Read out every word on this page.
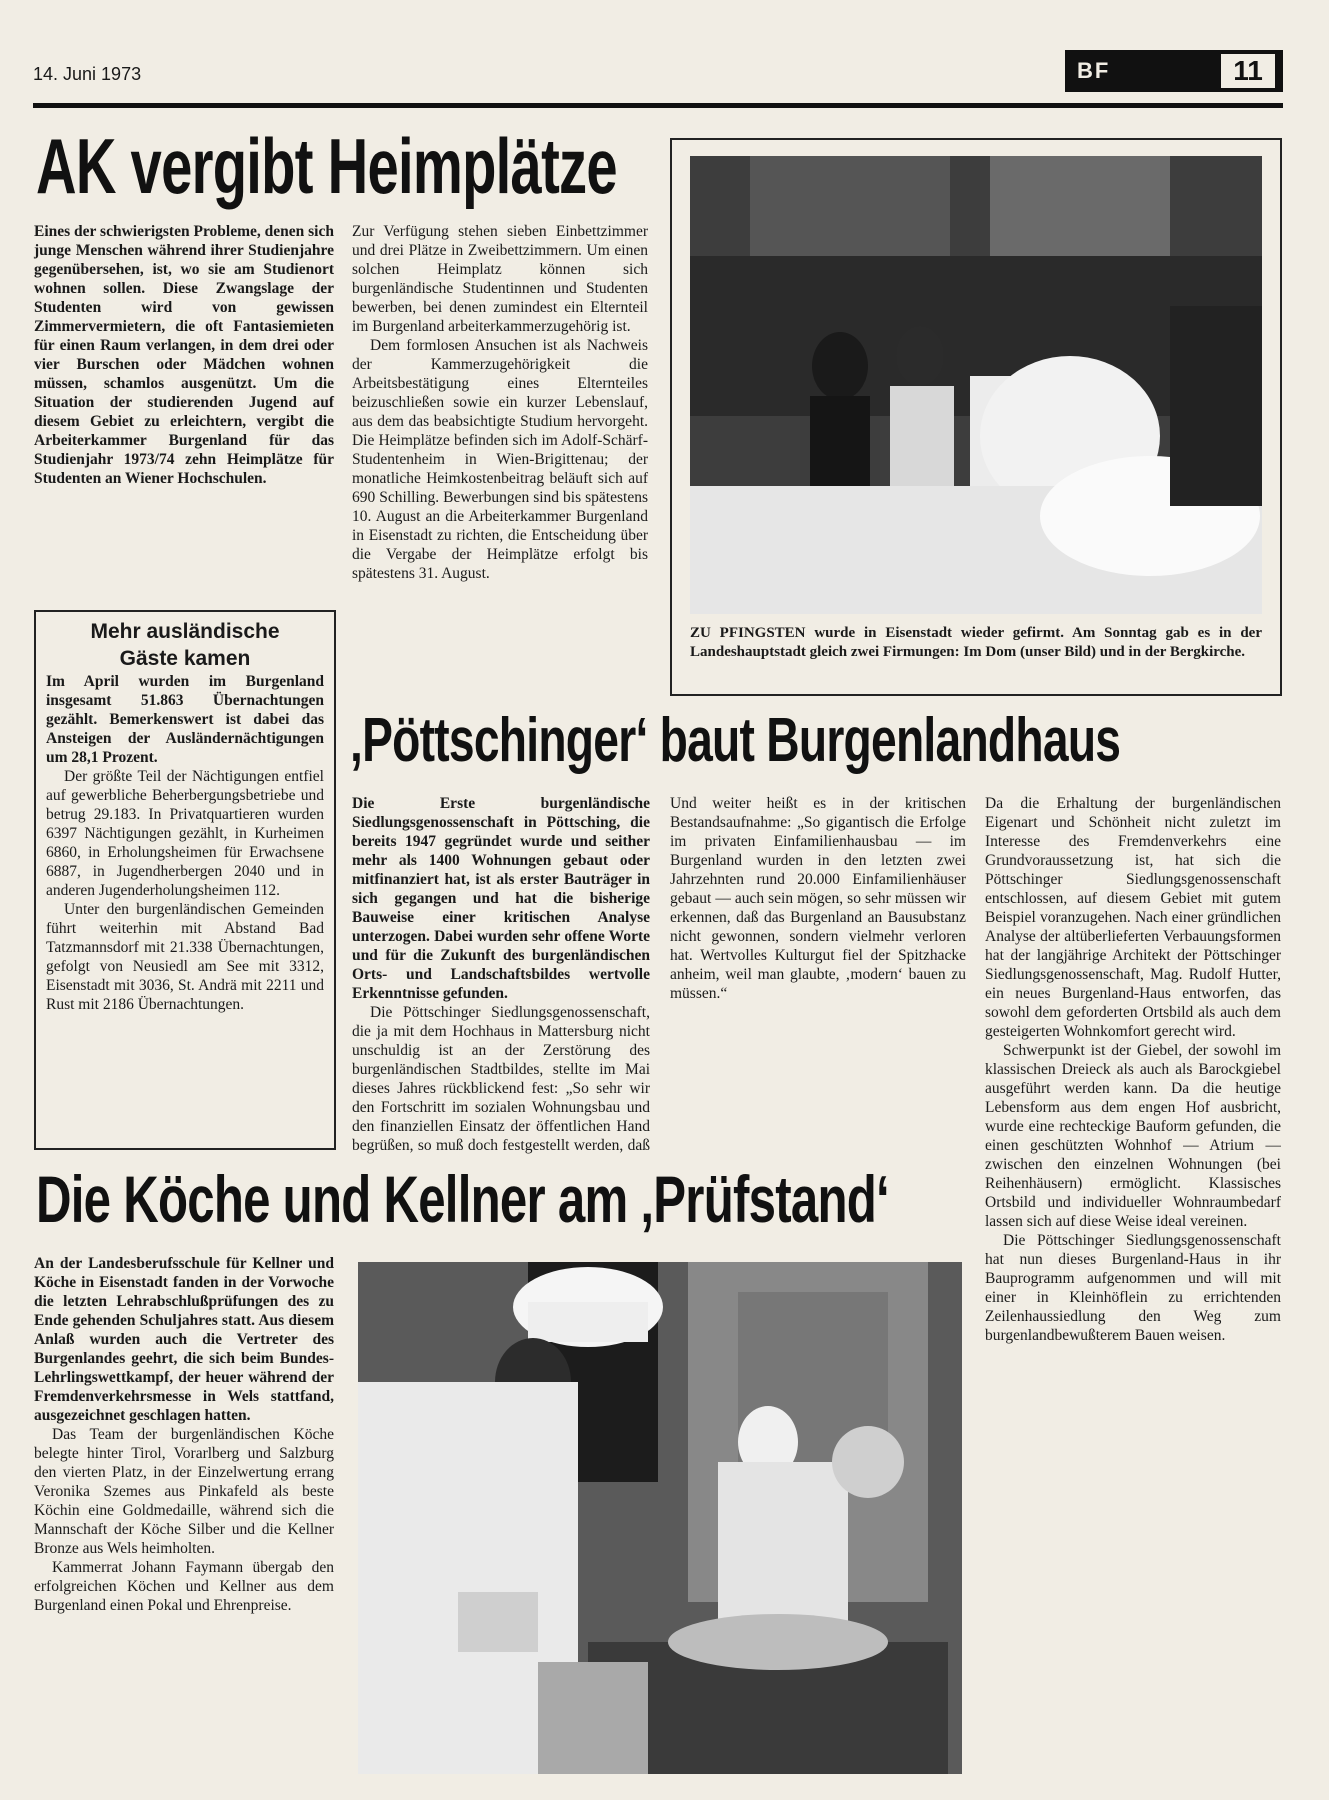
14. Juni 1973	BF	11
AK vergibt Heimplätze

Eines der schwierigsten Probleme, denen sich junge Menschen während ihrer Studienjahre gegenübersehen, ist, wo sie am Studienort wohnen sollen. Diese Zwangslage der Studenten wird von gewissen Zimmervermietern, die oft Fantasiemieten für einen Raum verlangen, in dem drei oder vier Burschen oder Mädchen wohnen müssen, schamlos ausgenützt. Um die Situation der studierenden Jugend auf diesem Gebiet zu erleichtern, vergibt die Arbeiterkammer Burgenland für das Studienjahr 1973/74 zehn Heimplätze für Studenten an Wiener Hochschulen.

Zur Verfügung stehen sieben Einbettzimmer und drei Plätze in Zweibettzimmern. Um einen solchen Heimplatz können sich burgenländische Studentinnen und Studenten bewerben, bei denen zumindest ein Elternteil im Burgenland arbeiterkammerzugehörig ist.

Dem formlosen Ansuchen ist als Nachweis der Kammerzugehörigkeit die Arbeitsbestätigung eines Elternteiles beizuschließen sowie ein kurzer Lebenslauf, aus dem das beabsichtigte Studium hervorgeht. Die Heimplätze befinden sich im Adolf-Schärf-Studentenheim in Wien-Brigittenau; der monatliche Heimkostenbeitrag beläuft sich auf 690 Schilling. Bewerbungen sind bis spätestens 10. August an die Arbeiterkammer Burgenland in Eisenstadt zu richten, die Entscheidung über die Vergabe der Heimplätze erfolgt bis spätestens 31. August.

Mehr ausländische
Gäste kamen

Im April wurden im Burgenland insgesamt 51.863 Übernachtungen gezählt. Bemerkenswert ist dabei das Ansteigen der Ausländernächtigungen um 28,1 Prozent.

Der größte Teil der Nächtigungen entfiel auf gewerbliche Beherbergungsbetriebe und betrug 29.183. In Privatquartieren wurden 6397 Nächtigungen gezählt, in Kurheimen 6860, in Erholungsheimen für Erwachsene 6887, in Jugendherbergen 2040 und in anderen Jugenderholungsheimen 112.

Unter den burgenländischen Gemeinden führt weiterhin mit Abstand Bad Tatzmannsdorf mit 21.338 Übernachtungen, gefolgt von Neusiedl am See mit 3312, Eisenstadt mit 3036, St. Andrä mit 2211 und Rust mit 2186 Übernachtungen.

ZU PFINGSTEN wurde in Eisenstadt wieder gefirmt. Am Sonntag gab es in der Landeshauptstadt gleich zwei Firmungen: Im Dom (unser Bild) und in der Bergkirche.
‚Pöttschinger‘ baut Burgenlandhaus

Die Erste burgenländische Siedlungsgenossenschaft in Pöttsching, die bereits 1947 gegründet wurde und seither mehr als 1400 Wohnungen gebaut oder mitfinanziert hat, ist als erster Bauträger in sich gegangen und hat die bisherige Bauweise einer kritischen Analyse unterzogen. Dabei wurden sehr offene Worte und für die Zukunft des burgenländischen Orts- und Landschaftsbildes wertvolle Erkenntnisse gefunden.

Die Pöttschinger Siedlungsgenossenschaft, die ja mit dem Hochhaus in Mattersburg nicht unschuldig ist an der Zerstörung des burgenländischen Stadtbildes, stellte im Mai dieses Jahres rückblickend fest: „So sehr wir den Fortschritt im sozialen Wohnungsbau und den finanziellen Einsatz der öffentlichen Hand begrüßen, so muß doch festgestellt werden, daß

Und weiter heißt es in der kritischen Bestandsaufnahme: „So gigantisch die Erfolge im privaten Einfamilienhausbau — im Burgenland wurden in den letzten zwei Jahrzehnten rund 20.000 Einfamilienhäuser gebaut — auch sein mögen, so sehr müssen wir erkennen, daß das Burgenland an Bausubstanz nicht gewonnen, sondern vielmehr verloren hat. Wertvolles Kulturgut fiel der Spitzhacke anheim, weil man glaubte, ‚modern‘ bauen zu müssen.“

Da die Erhaltung der burgenländischen Eigenart und Schönheit nicht zuletzt im Interesse des Fremdenverkehrs eine Grundvoraussetzung ist, hat sich die Pöttschinger Siedlungsgenossenschaft entschlossen, auf diesem Gebiet mit gutem Beispiel voranzugehen. Nach einer gründlichen Analyse der altüberlieferten Verbauungsformen hat der langjährige Architekt der Pöttschinger Siedlungsgenossenschaft, Mag. Rudolf Hutter, ein neues Burgenland-Haus entworfen, das sowohl dem geforderten Ortsbild als auch dem gesteigerten Wohnkomfort gerecht wird.

Schwerpunkt ist der Giebel, der sowohl im klassischen Dreieck als auch als Barockgiebel ausgeführt werden kann. Da die heutige Lebensform aus dem engen Hof ausbricht, wurde eine rechteckige Bauform gefunden, die einen geschützten Wohnhof — Atrium — zwischen den einzelnen Wohnungen (bei Reihenhäusern) ermöglicht. Klassisches Ortsbild und individueller Wohnraumbedarf lassen sich auf diese Weise ideal vereinen.

Die Pöttschinger Siedlungsgenossenschaft hat nun dieses Burgenland-Haus in ihr Bauprogramm aufgenommen und will mit einer in Kleinhöflein zu errichtenden Zeilenhaussiedlung den Weg zum burgenlandbewußterem Bauen weisen.

Die Köche und Kellner am ‚Prüfstand‘

An der Landesberufsschule für Kellner und Köche in Eisenstadt fanden in der Vorwoche die letzten Lehrabschlußprüfungen des zu Ende gehenden Schuljahres statt. Aus diesem Anlaß wurden auch die Vertreter des Burgenlandes geehrt, die sich beim Bundes-Lehrlingswettkampf, der heuer während der Fremdenverkehrsmesse in Wels stattfand, ausgezeichnet geschlagen hatten.

Das Team der burgenländischen Köche belegte hinter Tirol, Vorarlberg und Salzburg den vierten Platz, in der Einzelwertung errang Veronika Szemes aus Pinkafeld als beste Köchin eine Goldmedaille, während sich die Mannschaft der Köche Silber und die Kellner Bronze aus Wels heimholten.

Kammerrat Johann Faymann übergab den erfolgreichen Köchen und Kellner aus dem Burgenland einen Pokal und Ehrenpreise.
